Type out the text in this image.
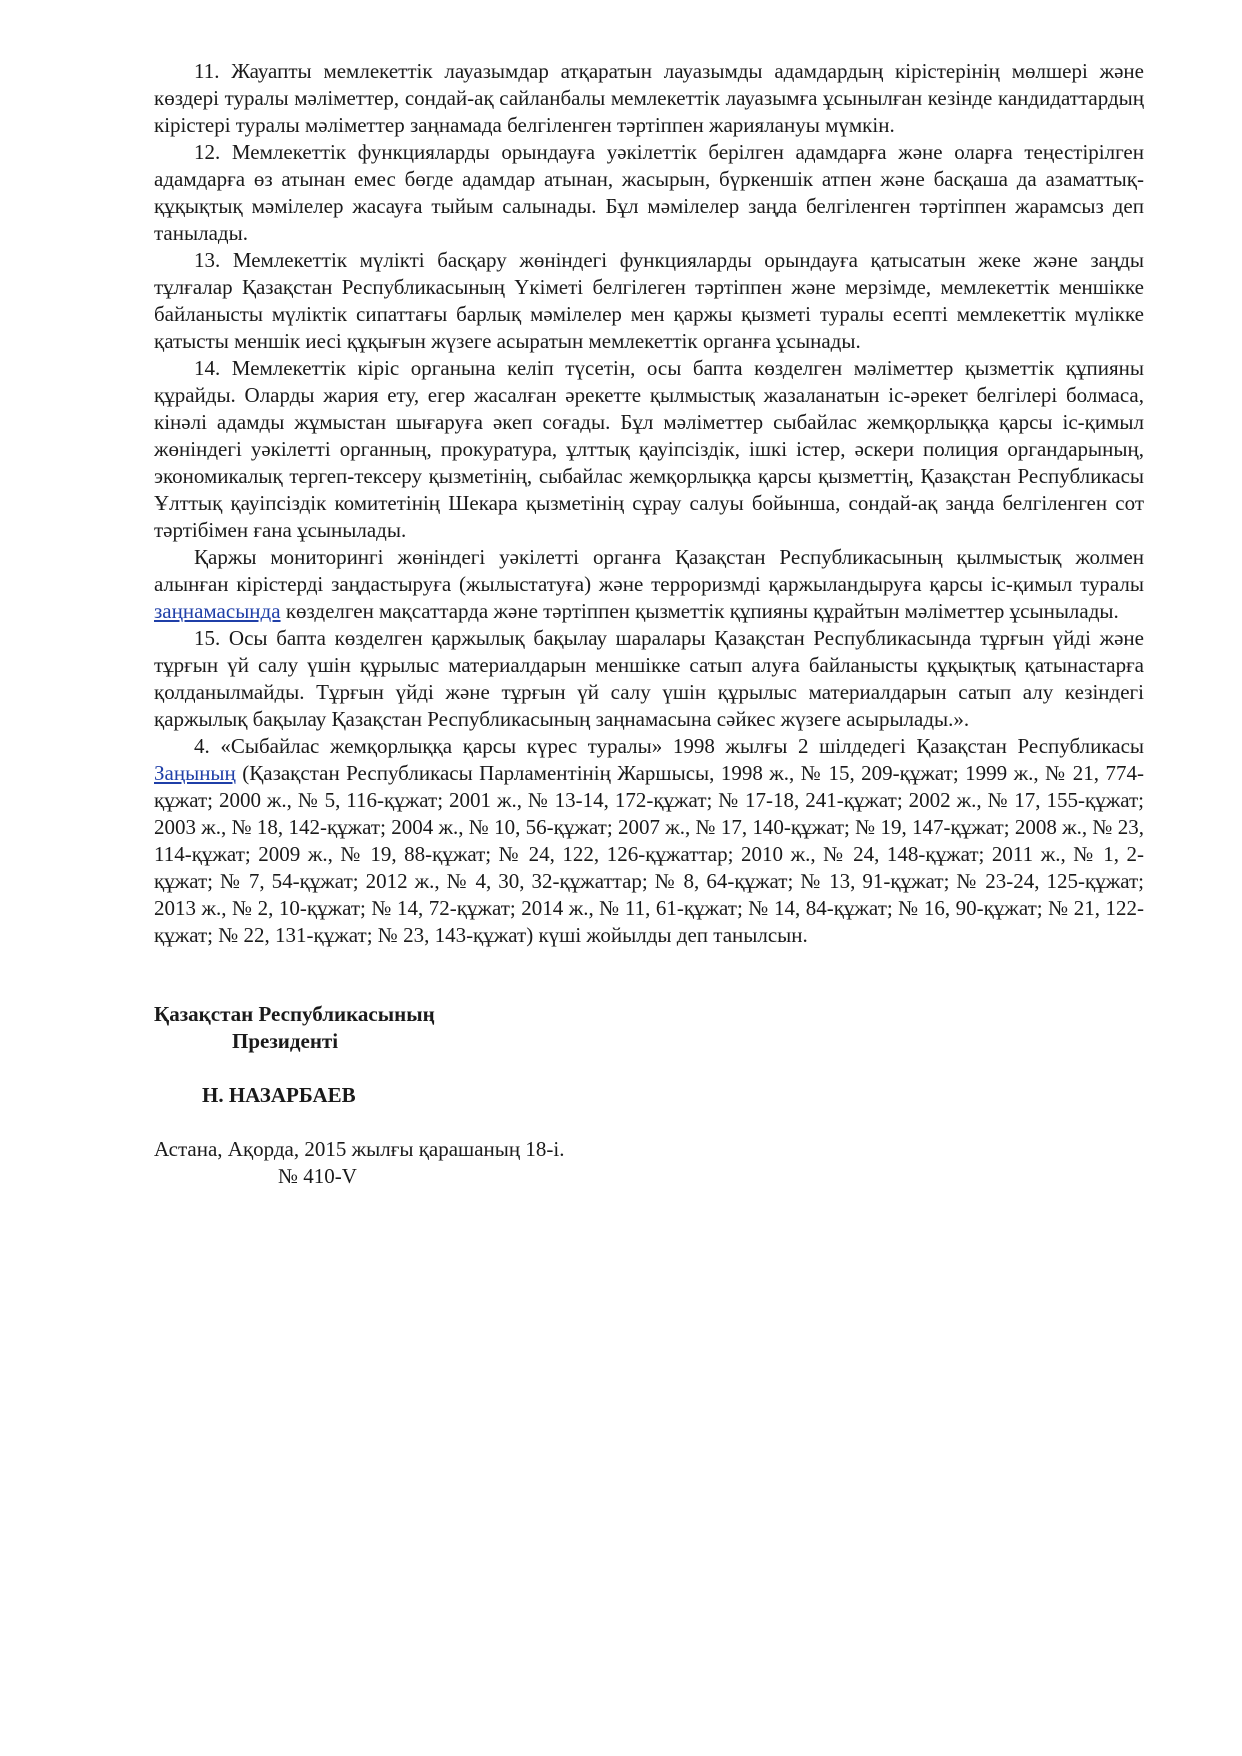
11. Жауапты мемлекеттік лауазымдар атқаратын лауазымды адамдардың кірістерінің мөлшері және көздері туралы мәліметтер, сондай-ақ сайланбалы мемлекеттік лауазымға ұсынылған кезінде кандидаттардың кірістері туралы мәліметтер заңнамада белгіленген тәртіппен жариялануы мүмкін.

12. Мемлекеттік функцияларды орындауға уәкілеттік берілген адамдарға және оларға теңестірілген адамдарға өз атынан емес бөгде адамдар атынан, жасырын, бүркеншік атпен және басқаша да азаматтық-құқықтық мәмілелер жасауға тыйым салынады. Бұл мәмілелер заңда белгіленген тәртіппен жарамсыз деп танылады.

13. Мемлекеттік мүлікті басқару жөніндегі функцияларды орындауға қатысатын жеке және заңды тұлғалар Қазақстан Республикасының Үкіметі белгілеген тәртіппен және мерзімде, мемлекеттік меншікке байланысты мүліктік сипаттағы барлық мәмілелер мен қаржы қызметі туралы есепті мемлекеттік мүлікке қатысты меншік иесі құқығын жүзеге асыратын мемлекеттік органға ұсынады.

14. Мемлекеттік кіріс органына келіп түсетін, осы бапта көзделген мәліметтер қызметтік құпияны құрайды. Оларды жария ету, егер жасалған әрекетте қылмыстық жазаланатын іс-әрекет белгілері болмаса, кінәлі адамды жұмыстан шығаруға әкеп соғады. Бұл мәліметтер сыбайлас жемқорлыққа қарсы іс-қимыл жөніндегі уәкілетті органның, прокуратура, ұлттық қауіпсіздік, ішкі істер, әскери полиция органдарының, экономикалық тергеп-тексеру қызметінің, сыбайлас жемқорлыққа қарсы қызметтің, Қазақстан Республикасы Ұлттық қауіпсіздік комитетінің Шекара қызметінің сұрау салуы бойынша, сондай-ақ заңда белгіленген сот тәртібімен ғана ұсынылады.

Қаржы мониторингі жөніндегі уәкілетті органға Қазақстан Республикасының қылмыстық жолмен алынған кірістерді заңдастыруға (жылыстатуға) және терроризмді қаржыландыруға қарсы іс-қимыл туралы заңнамасында көзделген мақсаттарда және тәртіппен қызметтік құпияны құрайтын мәліметтер ұсынылады.

15. Осы бапта көзделген қаржылық бақылау шаралары Қазақстан Республикасында тұрғын үйді және тұрғын үй салу үшін құрылыс материалдарын меншікке сатып алуға байланысты құқықтық қатынастарға қолданылмайды. Тұрғын үйді және тұрғын үй салу үшін құрылыс материалдарын сатып алу кезіндегі қаржылық бақылау Қазақстан Республикасының заңнамасына сәйкес жүзеге асырылады.».

4. «Сыбайлас жемқорлыққа қарсы күрес туралы» 1998 жылғы 2 шілдедегі Қазақстан Республикасы Заңының (Қазақстан Республикасы Парламентінің Жаршысы, 1998 ж., № 15, 209-құжат; 1999 ж., № 21, 774-құжат; 2000 ж., № 5, 116-құжат; 2001 ж., № 13-14, 172-құжат; № 17-18, 241-құжат; 2002 ж., № 17, 155-құжат; 2003 ж., № 18, 142-құжат; 2004 ж., № 10, 56-құжат; 2007 ж., № 17, 140-құжат; № 19, 147-құжат; 2008 ж., № 23, 114-құжат; 2009 ж., № 19, 88-құжат; № 24, 122, 126-құжаттар; 2010 ж., № 24, 148-құжат; 2011 ж., № 1, 2-құжат; № 7, 54-құжат; 2012 ж., № 4, 30, 32-құжаттар; № 8, 64-құжат; № 13, 91-құжат; № 23-24, 125-құжат; 2013 ж., № 2, 10-құжат; № 14, 72-құжат; 2014 ж., № 11, 61-құжат; № 14, 84-құжат; № 16, 90-құжат; № 21, 122-құжат; № 22, 131-құжат; № 23, 143-құжат) күші жойылды деп танылсын.

Қазақстан Республикасының

Президенті

Н. НАЗАРБАЕВ

Астана, Ақорда, 2015 жылғы қарашаның 18-і.

№ 410-V
